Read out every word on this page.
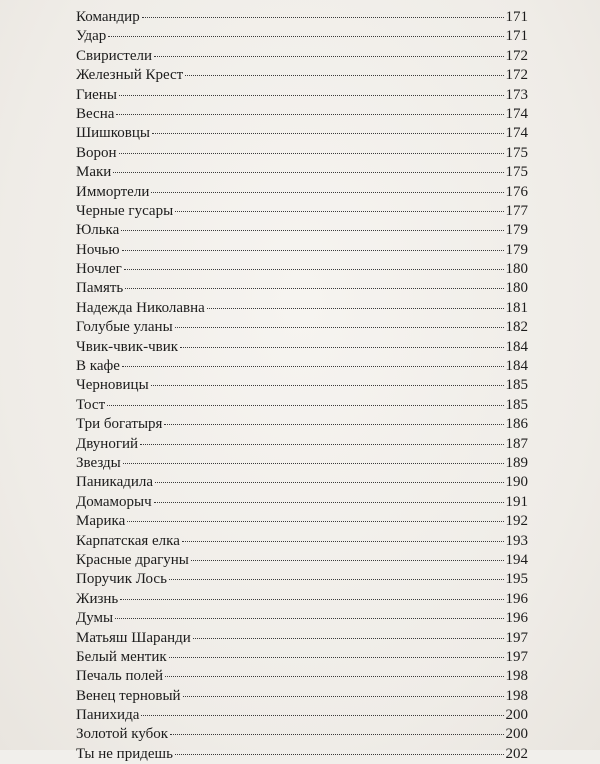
Командир	171
Удар	171
Свиристели	172
Железный Крест	172
Гиены	173
Весна	174
Шишковцы	174
Ворон	175
Маки	175
Иммортели	176
Черные гусары	177
Юлька	179
Ночью	179
Ночлег	180
Память	180
Надежда Николавна	181
Голубые уланы	182
Чвик-чвик-чвик	184
В кафе	184
Черновицы	185
Тост	185
Три богатыря	186
Двуногий	187
Звезды	189
Паникадила	190
Домаморыч	191
Марика	192
Карпатская елка	193
Красные драгуны	194
Поручик Лось	195
Жизнь	196
Думы	196
Матьяш Шаранди	197
Белый ментик	197
Печаль полей	198
Венец терновый	198
Панихида	200
Золотой кубок	200
Ты не придешь	202
